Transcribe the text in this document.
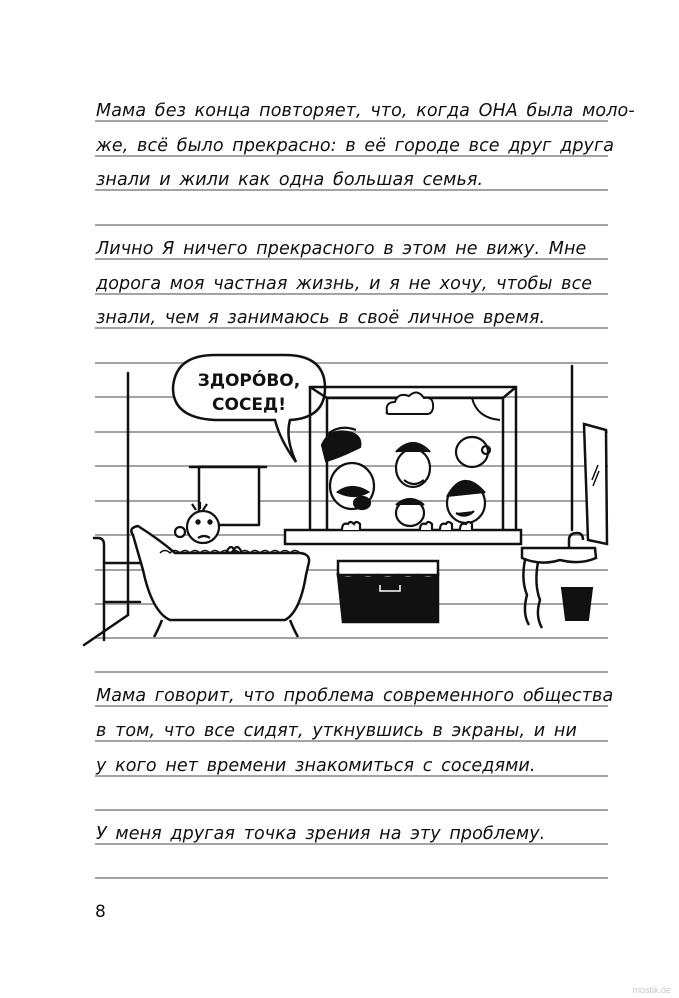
Мама без конца повторяет, что, когда ОНА была моло-
же, всё было прекрасно: в её городе все друг друга
знали и жили как одна большая семья.
Лично Я ничего прекрасного в этом не вижу. Мне
дорога моя частная жизнь, и я не хочу, чтобы все
знали, чем я занимаюсь в своё личное время.
ЗДОРÓВО,
СОСЕД!
Мама говорит, что проблема современного общества
в том, что все сидят, уткнувшись в экраны, и ни
у кого нет времени знакомиться с соседями.
У меня другая точка зрения на эту проблему.
8
mostik.de
